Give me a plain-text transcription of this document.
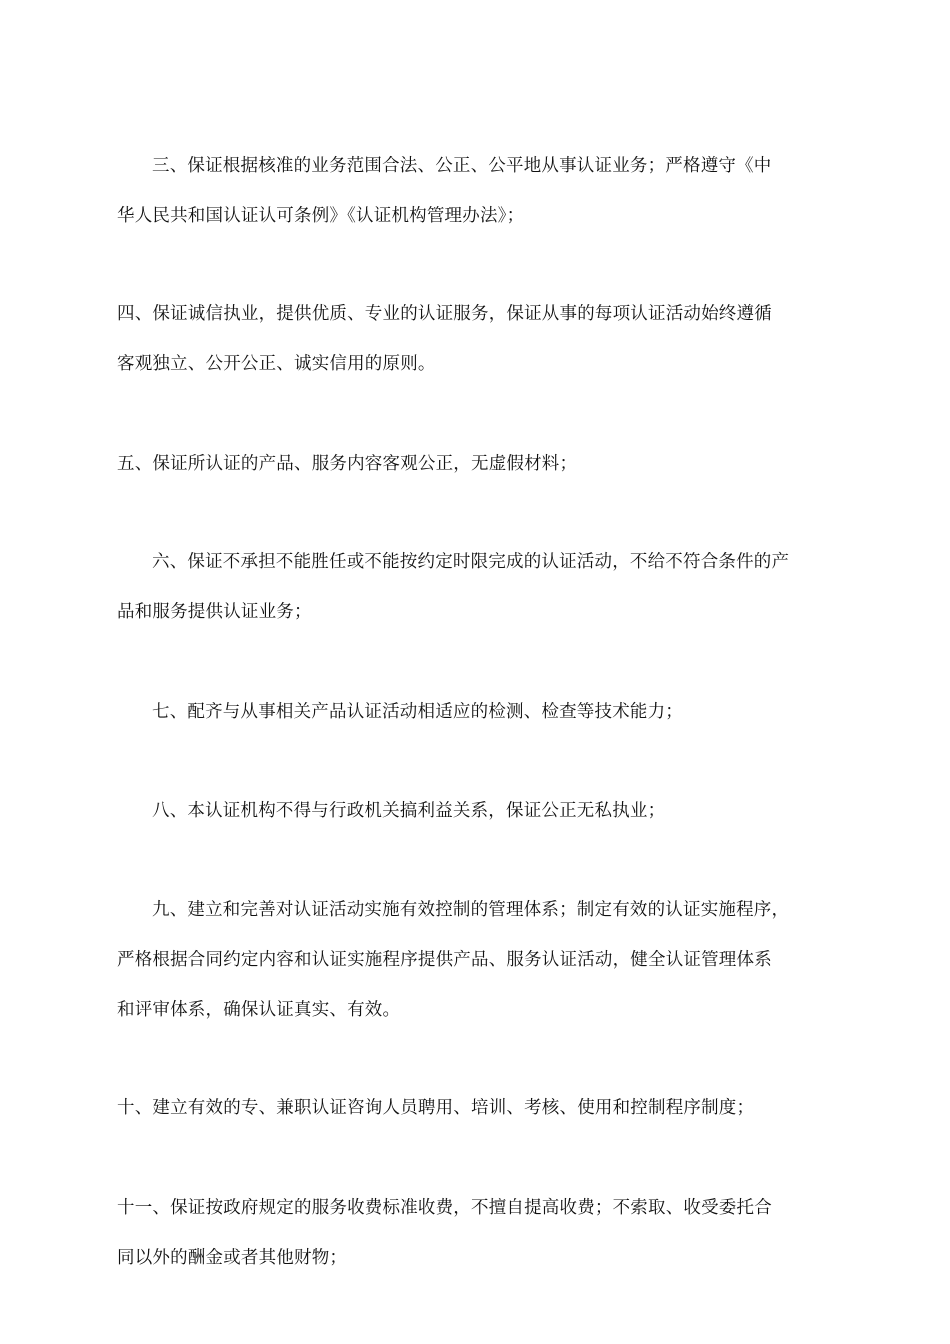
三、保证根据核准的业务范围合法、公正、公平地从事认证业务；严格遵守《中
华人民共和国认证认可条例》《认证机构管理办法》；
四、保证诚信执业，提供优质、专业的认证服务，保证从事的每项认证活动始终遵循
客观独立、公开公正、诚实信用的原则。
五、保证所认证的产品、服务内容客观公正，无虚假材料；
六、保证不承担不能胜任或不能按约定时限完成的认证活动，不给不符合条件的产
品和服务提供认证业务；
七、配齐与从事相关产品认证活动相适应的检测、检查等技术能力；
八、本认证机构不得与行政机关搞利益关系，保证公正无私执业；
九、建立和完善对认证活动实施有效控制的管理体系；制定有效的认证实施程序，
严格根据合同约定内容和认证实施程序提供产品、服务认证活动，健全认证管理体系
和评审体系，确保认证真实、有效。
十、建立有效的专、兼职认证咨询人员聘用、培训、考核、使用和控制程序制度；
十一、保证按政府规定的服务收费标准收费，不擅自提高收费；不索取、收受委托合
同以外的酬金或者其他财物；
